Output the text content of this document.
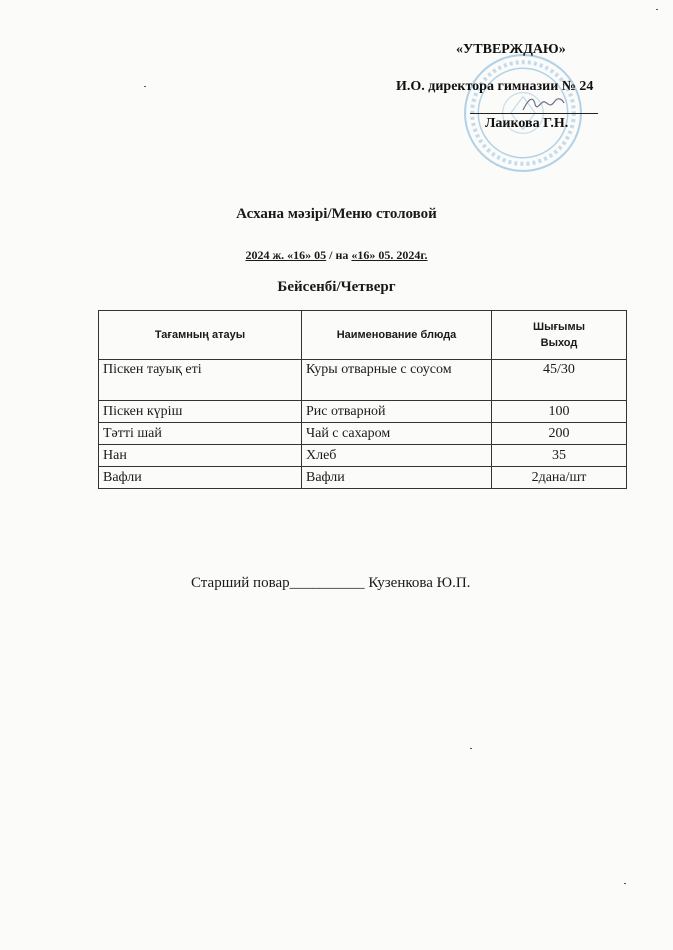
«УТВЕРЖДАЮ»
И.О. директора гимназии № 24
Лаикова Г.Н.
Асхана мәзірі/Меню столовой
2024 ж. «16» 05 / на «16» 05. 2024г.
Бейсенбі/Четверг
Тағамның атауы	Наименование блюда	Шығымы
Выход
Піскен тауық еті	Куры отварные с соусом	45/30
Піскен күріш	Рис отварной	100
Тәтті шай	Чай с сахаром	200
Нан	Хлеб	35
Вафли	Вафли	2дана/шт
Старший повар__________ Кузенкова Ю.П.
